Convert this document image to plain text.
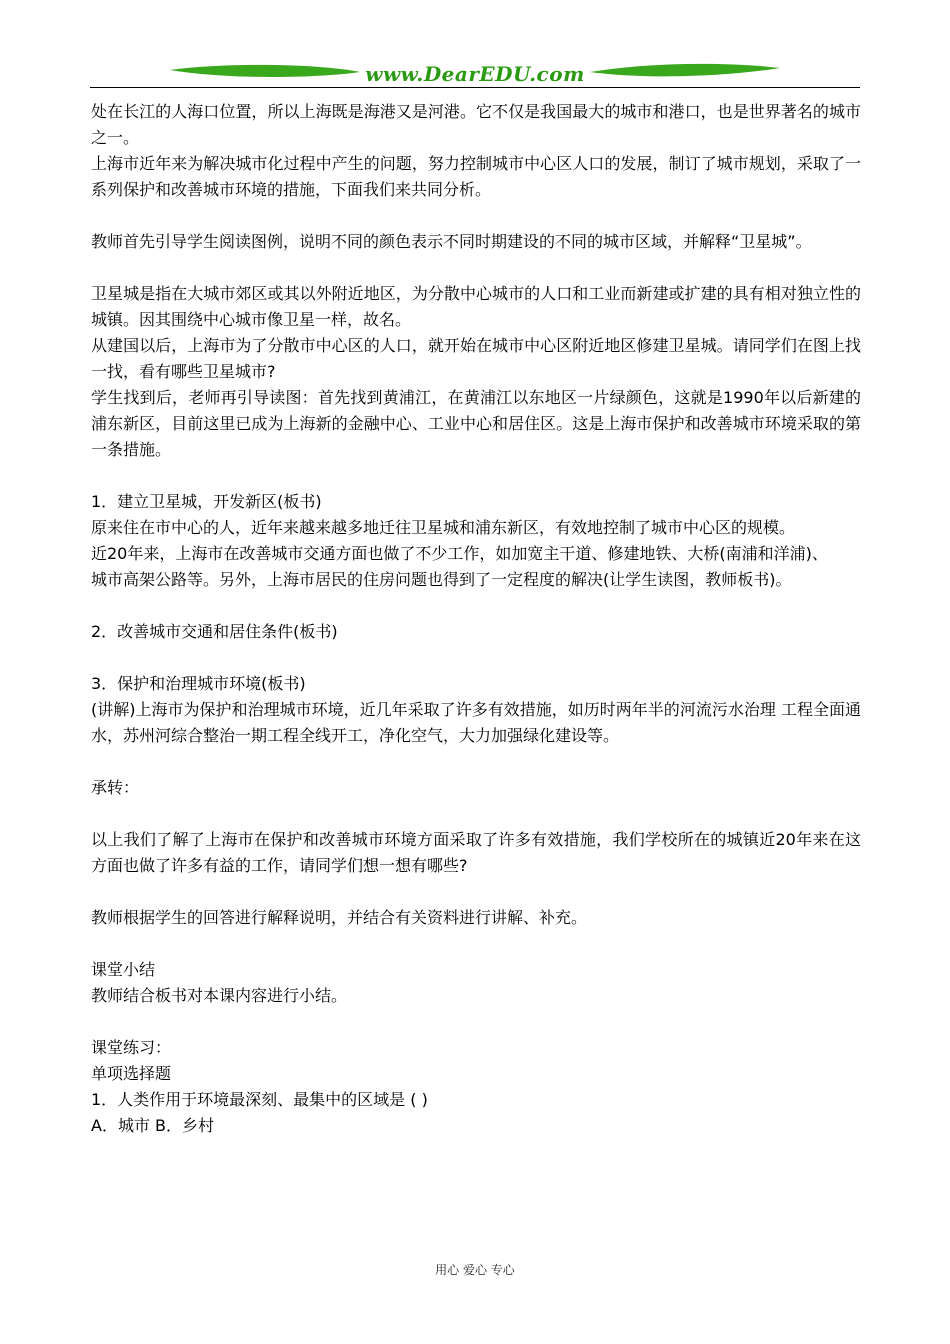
www.DearEDU.com

处在长江的人海口位置，所以上海既是海港又是河港。它不仅是我国最大的城市和港口，也是世界著名的城市之一。

上海市近年来为解决城市化过程中产生的问题，努力控制城市中心区人口的发展，制订了城市规划，采取了一系列保护和改善城市环境的措施，下面我们来共同分析。

教师首先引导学生阅读图例，说明不同的颜色表示不同时期建设的不同的城市区域，并解释“卫星城”。

卫星城是指在大城市郊区或其以外附近地区，为分散中心城市的人口和工业而新建或扩建的具有相对独立性的城镇。因其围绕中心城市像卫星一样，故名。

从建国以后，上海市为了分散市中心区的人口，就开始在城市中心区附近地区修建卫星城。请同学们在图上找一找，看有哪些卫星城市?

学生找到后，老师再引导读图：首先找到黄浦江，在黄浦江以东地区一片绿颜色，这就是1990年以后新建的浦东新区，目前这里已成为上海新的金融中心、工业中心和居住区。这是上海市保护和改善城市环境采取的第一条措施。

1．建立卫星城，开发新区(板书)

原来住在市中心的人，近年来越来越多地迁往卫星城和浦东新区，有效地控制了城市中心区的规模。

近20年来，上海市在改善城市交通方面也做了不少工作，如加宽主干道、修建地铁、大桥(南浦和洋浦)、

城市高架公路等。另外，上海市居民的住房问题也得到了一定程度的解决(让学生读图，教师板书)。

2．改善城市交通和居住条件(板书)

3．保护和治理城市环境(板书)

(讲解)上海市为保护和治理城市环境，近几年采取了许多有效措施，如历时两年半的河流污水治理 工程全面通水，苏州河综合整治一期工程全线开工，净化空气，大力加强绿化建设等。

承转：

以上我们了解了上海市在保护和改善城市环境方面采取了许多有效措施，我们学校所在的城镇近20年来在这方面也做了许多有益的工作，请同学们想一想有哪些?

教师根据学生的回答进行解释说明，并结合有关资料进行讲解、补充。

课堂小结

教师结合板书对本课内容进行小结。

课堂练习：

单项选择题

1．人类作用于环境最深刻、最集中的区域是 ( )

A．城市 B．乡村

用心 爱心 专心
